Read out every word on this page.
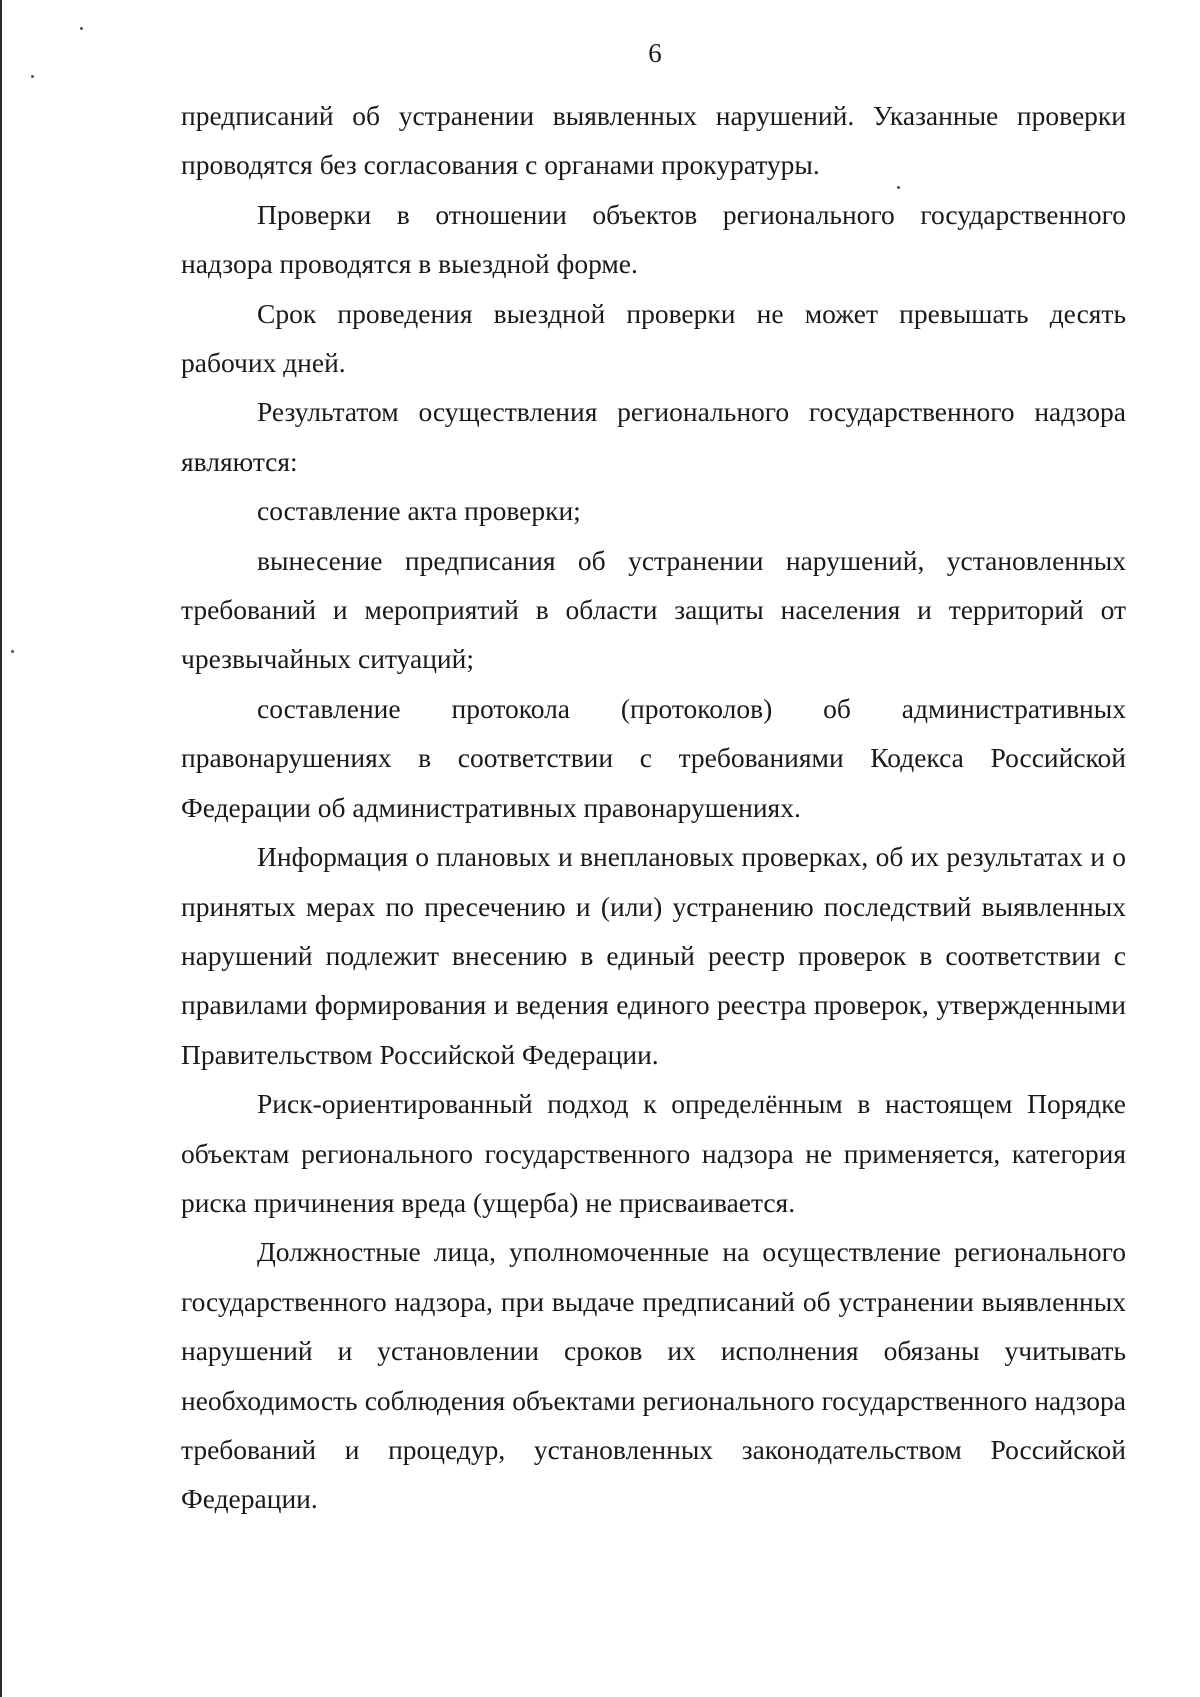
6

предписаний об устранении выявленных нарушений. Указанные проверки проводятся без согласования с органами прокуратуры.

Проверки в отношении объектов регионального государственного надзора проводятся в выездной форме.

Срок проведения выездной проверки не может превышать десять рабочих дней.

Результатом осуществления регионального государственного надзора являются:

составление акта проверки;

вынесение предписания об устранении нарушений, установленных требований и мероприятий в области защиты населения и территорий от чрезвычайных ситуаций;

составление протокола (протоколов) об административных правонарушениях в соответствии с требованиями Кодекса Российской Федерации об административных правонарушениях.

Информация о плановых и внеплановых проверках, об их результатах и о принятых мерах по пресечению и (или) устранению последствий выявленных нарушений подлежит внесению в единый реестр проверок в соответствии с правилами формирования и ведения единого реестра проверок, утвержденными Правительством Российской Федерации.

Риск-ориентированный подход к определённым в настоящем Порядке объектам регионального государственного надзора не применяется, категория риска причинения вреда (ущерба) не присваивается.

Должностные лица, уполномоченные на осуществление регионального государственного надзора, при выдаче предписаний об устранении выявленных нарушений и установлении сроков их исполнения обязаны учитывать необходимость соблюдения объектами регионального государственного надзора требований и процедур, установленных законодательством Российской Федерации.
